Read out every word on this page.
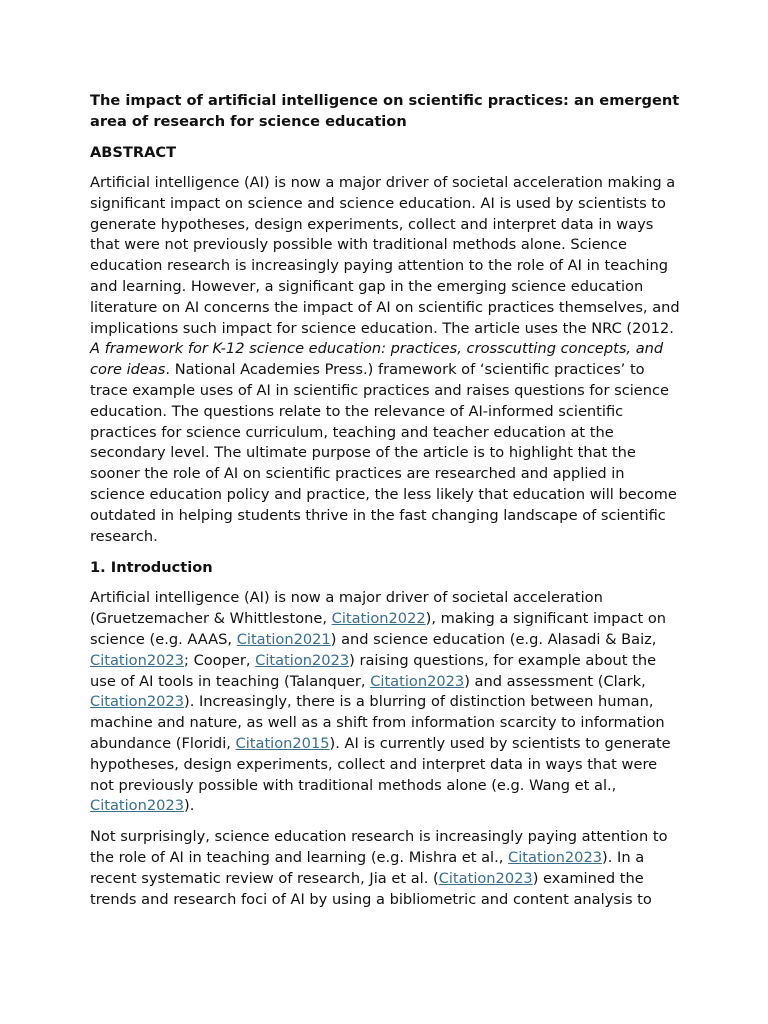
The impact of artificial intelligence on scientific practices: an emergent area of research for science education
ABSTRACT

Artificial intelligence (AI) is now a major driver of societal acceleration making a significant impact on science and science education. AI is used by scientists to generate hypotheses, design experiments, collect and interpret data in ways that were not previously possible with traditional methods alone. Science education research is increasingly paying attention to the role of AI in teaching and learning. However, a significant gap in the emerging science education literature on AI concerns the impact of AI on scientific practices themselves, and implications such impact for science education. The article uses the NRC (2012. A framework for K-12 science education: practices, crosscutting concepts, and core ideas. National Academies Press.) framework of ‘scientific practices’ to trace example uses of AI in scientific practices and raises questions for science education. The questions relate to the relevance of AI-informed scientific practices for science curriculum, teaching and teacher education at the secondary level. The ultimate purpose of the article is to highlight that the sooner the role of AI on scientific practices are researched and applied in science education policy and practice, the less likely that education will become outdated in helping students thrive in the fast changing landscape of scientific research.

1. Introduction

Artificial intelligence (AI) is now a major driver of societal acceleration (Gruetzemacher & Whittlestone, Citation2022), making a significant impact on science (e.g. AAAS, Citation2021) and science education (e.g. Alasadi & Baiz, Citation2023; Cooper, Citation2023) raising questions, for example about the use of AI tools in teaching (Talanquer, Citation2023) and assessment (Clark, Citation2023). Increasingly, there is a blurring of distinction between human, machine and nature, as well as a shift from information scarcity to information abundance (Floridi, Citation2015). AI is currently used by scientists to generate hypotheses, design experiments, collect and interpret data in ways that were not previously possible with traditional methods alone (e.g. Wang et al., Citation2023).

Not surprisingly, science education research is increasingly paying attention to the role of AI in teaching and learning (e.g. Mishra et al., Citation2023). In a recent systematic review of research, Jia et al. (Citation2023) examined the trends and research foci of AI by using a bibliometric and content analysis to
